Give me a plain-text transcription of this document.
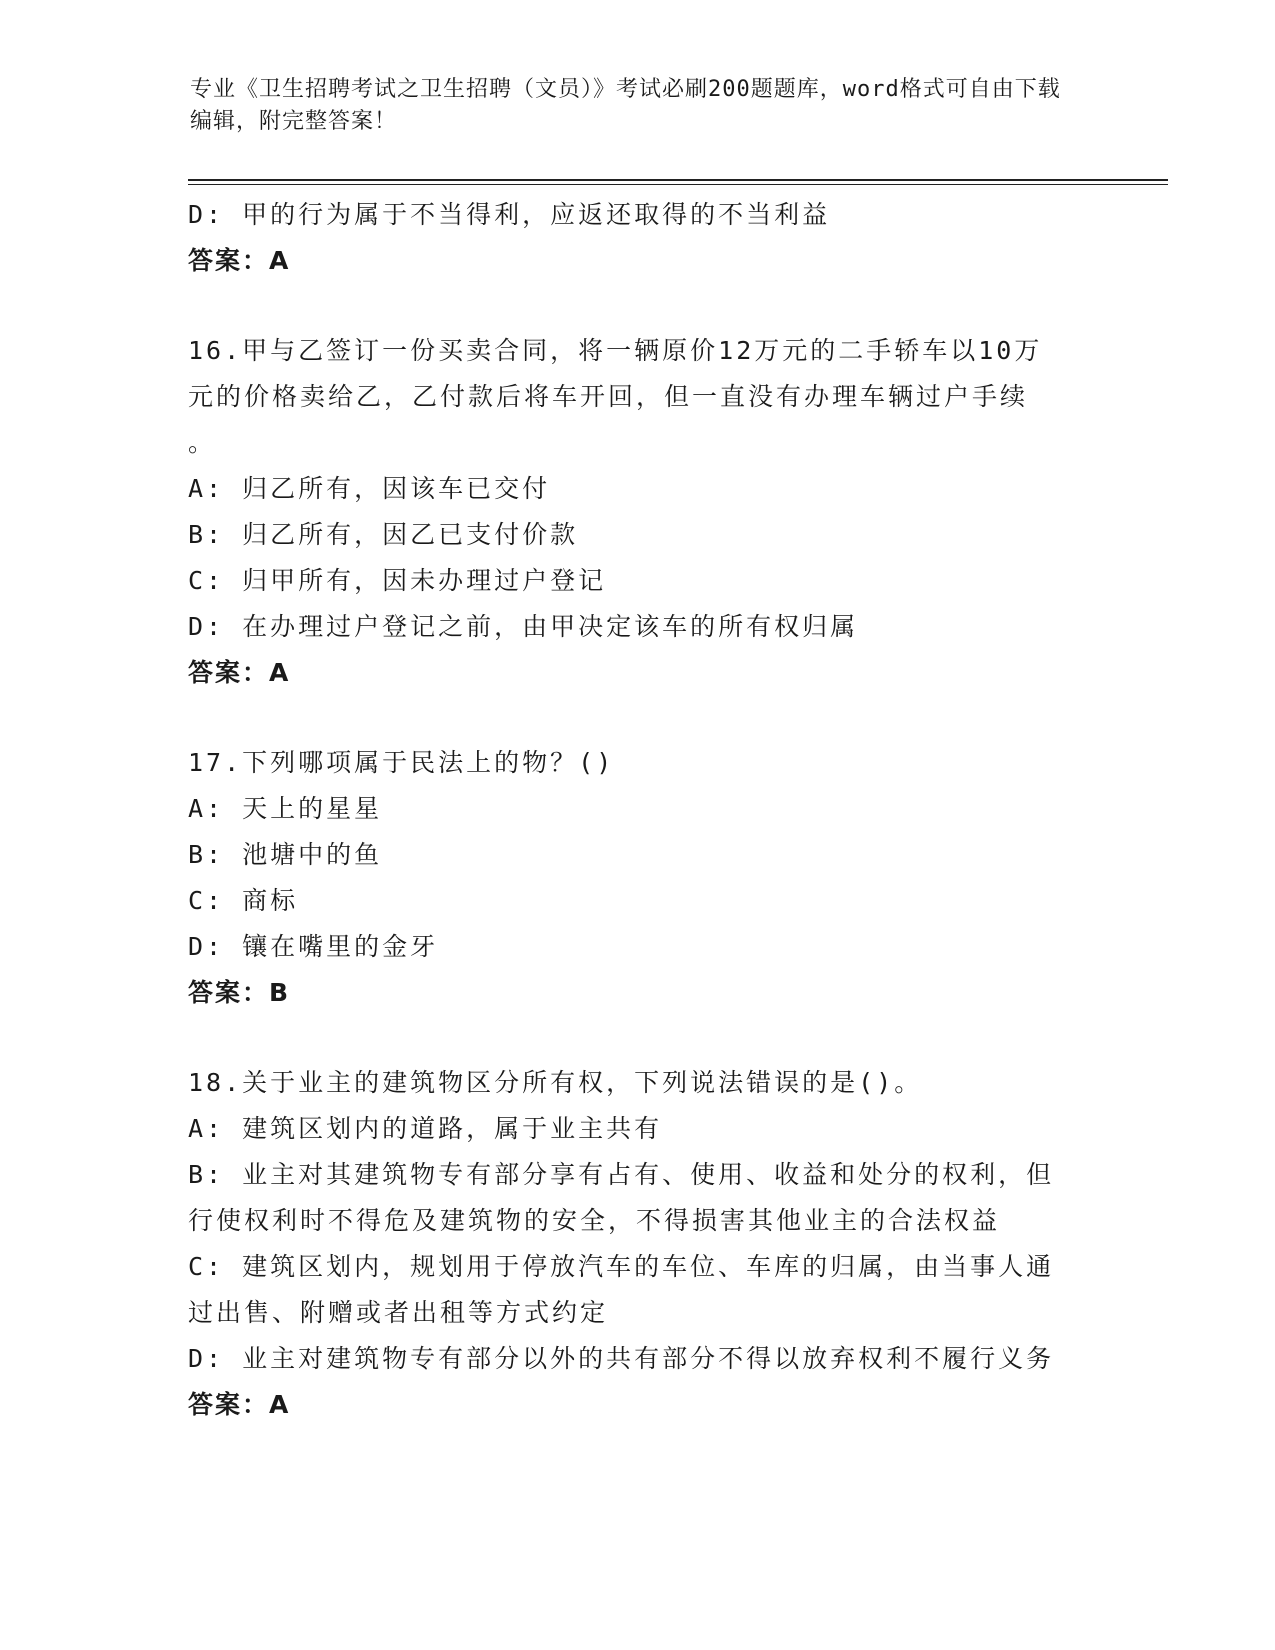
专业《卫生招聘考试之卫生招聘（文员）》考试必刷200题题库，word格式可自由下载编辑，附完整答案！
D: 甲的行为属于不当得利，应返还取得的不当利益
答案：A
16.甲与乙签订一份买卖合同，将一辆原价12万元的二手轿车以10万
元的价格卖给乙，乙付款后将车开回，但一直没有办理车辆过户手续
。
A: 归乙所有，因该车已交付
B: 归乙所有，因乙已支付价款
C: 归甲所有，因未办理过户登记
D: 在办理过户登记之前，由甲决定该车的所有权归属
答案：A
17.下列哪项属于民法上的物？()
A: 天上的星星
B: 池塘中的鱼
C: 商标
D: 镶在嘴里的金牙
答案：B
18.关于业主的建筑物区分所有权，下列说法错误的是()。
A: 建筑区划内的道路，属于业主共有
B: 业主对其建筑物专有部分享有占有、使用、收益和处分的权利，但
行使权利时不得危及建筑物的安全，不得损害其他业主的合法权益
C: 建筑区划内，规划用于停放汽车的车位、车库的归属，由当事人通
过出售、附赠或者出租等方式约定
D: 业主对建筑物专有部分以外的共有部分不得以放弃权利不履行义务
答案：A
